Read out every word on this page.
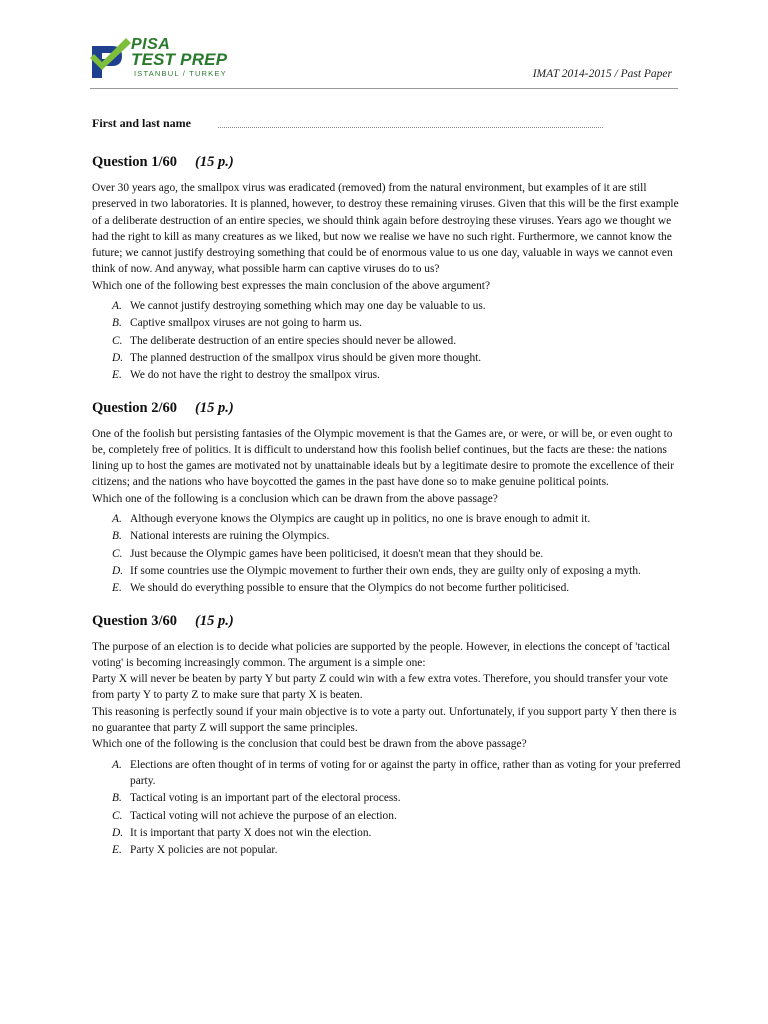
PISA
TEST PREP
ISTANBUL / TURKEY	IMAT 2014-2015 / Past Paper
First and last name
Question 1/60 (15 p.)

Over 30 years ago, the smallpox virus was eradicated (removed) from the natural environment, but examples of it are still preserved in two laboratories. It is planned, however, to destroy these remaining viruses. Given that this will be the first example of a deliberate destruction of an entire species, we should think again before destroying these viruses. Years ago we thought we had the right to kill as many creatures as we liked, but now we realise we have no such right. Furthermore, we cannot know the future; we cannot justify destroying something that could be of enormous value to us one day, valuable in ways we cannot even think of now. And anyway, what possible harm can captive viruses do to us?

Which one of the following best expresses the main conclusion of the above argument?

A. We cannot justify destroying something which may one day be valuable to us.
B. Captive smallpox viruses are not going to harm us.
C. The deliberate destruction of an entire species should never be allowed.
D. The planned destruction of the smallpox virus should be given more thought.
E. We do not have the right to destroy the smallpox virus.
Question 2/60 (15 p.)

One of the foolish but persisting fantasies of the Olympic movement is that the Games are, or were, or will be, or even ought to be, completely free of politics. It is difficult to understand how this foolish belief continues, but the facts are these: the nations lining up to host the games are motivated not by unattainable ideals but by a legitimate desire to promote the excellence of their citizens; and the nations who have boycotted the games in the past have done so to make genuine political points.

Which one of the following is a conclusion which can be drawn from the above passage?

A. Although everyone knows the Olympics are caught up in politics, no one is brave enough to admit it.
B. National interests are ruining the Olympics.
C. Just because the Olympic games have been politicised, it doesn't mean that they should be.
D. If some countries use the Olympic movement to further their own ends, they are guilty only of exposing a myth.
E. We should do everything possible to ensure that the Olympics do not become further politicised.
Question 3/60 (15 p.)

The purpose of an election is to decide what policies are supported by the people. However, in elections the concept of 'tactical voting' is becoming increasingly common. The argument is a simple one:

Party X will never be beaten by party Y but party Z could win with a few extra votes. Therefore, you should transfer your vote from party Y to party Z to make sure that party X is beaten.

This reasoning is perfectly sound if your main objective is to vote a party out. Unfortunately, if you support party Y then there is no guarantee that party Z will support the same principles.

Which one of the following is the conclusion that could best be drawn from the above passage?

A. Elections are often thought of in terms of voting for or against the party in office, rather than as voting for your preferred party.
B. Tactical voting is an important part of the electoral process.
C. Tactical voting will not achieve the purpose of an election.
D. It is important that party X does not win the election.
E. Party X policies are not popular.
